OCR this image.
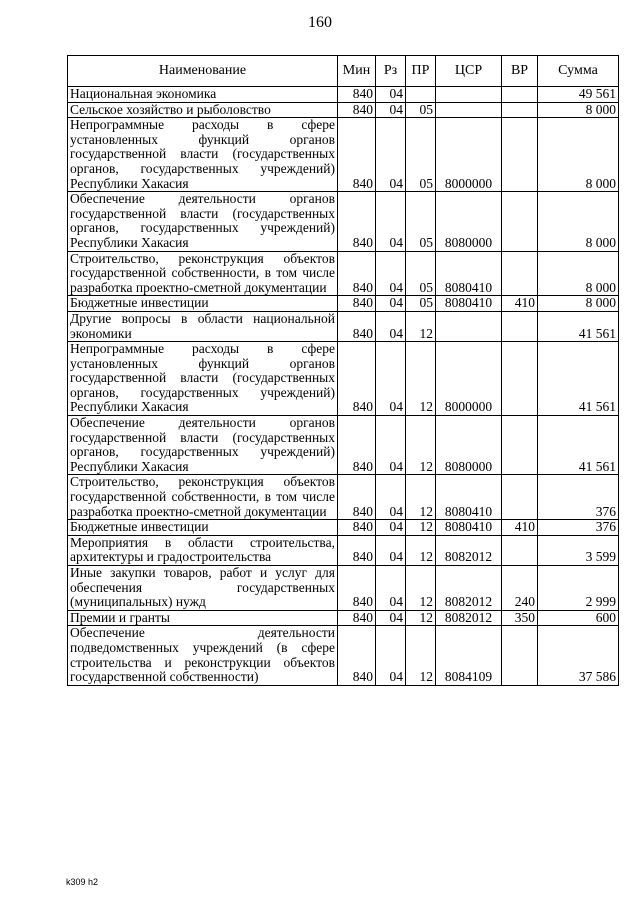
160
Наименование	Мин	Рз	ПР	ЦСР	ВР	Сумма
Национальная экономика	840	04				49 561
Сельское хозяйство и рыболовство	840	04	05			8 000
Непрограммные расходы в сфере установленных функций органов государственной власти (государственных органов, государственных учреждений) Республики Хакасия	840	04	05	8000000		8 000
Обеспечение деятельности органов государственной власти (государственных органов, государственных учреждений) Республики Хакасия	840	04	05	8080000		8 000
Строительство, реконструкция объектов государственной собственности, в том числе разработка проектно-сметной документации	840	04	05	8080410		8 000
Бюджетные инвестиции	840	04	05	8080410	410	8 000
Другие вопросы в области национальной экономики	840	04	12			41 561
Непрограммные расходы в сфере установленных функций органов государственной власти (государственных органов, государственных учреждений) Республики Хакасия	840	04	12	8000000		41 561
Обеспечение деятельности органов государственной власти (государственных органов, государственных учреждений) Республики Хакасия	840	04	12	8080000		41 561
Строительство, реконструкция объектов государственной собственности, в том числе разработка проектно-сметной документации	840	04	12	8080410		376
Бюджетные инвестиции	840	04	12	8080410	410	376
Мероприятия в области строительства, архитектуры и градостроительства	840	04	12	8082012		3 599
Иные закупки товаров, работ и услуг для обеспечения государственных (муниципальных) нужд	840	04	12	8082012	240	2 999
Премии и гранты	840	04	12	8082012	350	600
Обеспечение деятельности подведомственных учреждений (в сфере строительства и реконструкции объектов государственной собственности)	840	04	12	8084109		37 586
k309 h2
